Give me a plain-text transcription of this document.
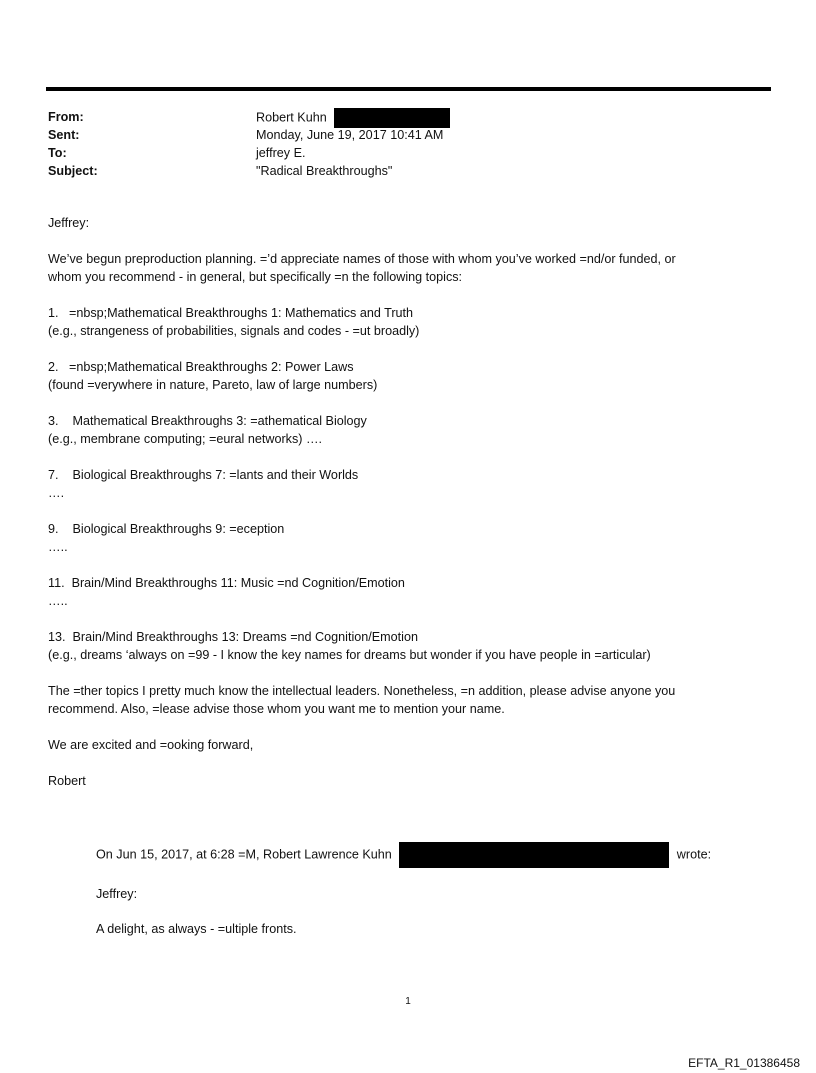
From:	Robert Kuhn
Sent:	Monday, June 19, 2017 10:41 AM
To:	jeffrey E.
Subject:	"Radical Breakthroughs"

Jeffrey:

We’ve begun preproduction planning. =’d appreciate names of those with whom you’ve worked =nd/or funded, or

whom you recommend - in general, but specifically =n the following topics:

1.   =nbsp;Mathematical Breakthroughs 1: Mathematics and Truth

(e.g., strangeness of probabilities, signals and codes - =ut broadly)

2.   =nbsp;Mathematical Breakthroughs 2: Power Laws

(found =verywhere in nature, Pareto, law of large numbers)

3.    Mathematical Breakthroughs 3: =athematical Biology

(e.g., membrane computing; =eural networks) ….

7.    Biological Breakthroughs 7: =lants and their Worlds

….

9.    Biological Breakthroughs 9: =eception

…..

11.  Brain/Mind Breakthroughs 11: Music =nd Cognition/Emotion

…..

13.  Brain/Mind Breakthroughs 13: Dreams =nd Cognition/Emotion

(e.g., dreams ‘always on =99 - I know the key names for dreams but wonder if you have people in =articular)

The =ther topics I pretty much know the intellectual leaders. Nonetheless, =n addition, please advise anyone you

recommend. Also, =lease advise those whom you want me to mention your name.

We are excited and =ooking forward,

Robert

On Jun 15, 2017, at 6:28 =M, Robert Lawrence Kuhn	wrote:

Jeffrey:

A delight, as always - =ultiple fronts.

1
EFTA_R1_01386458
